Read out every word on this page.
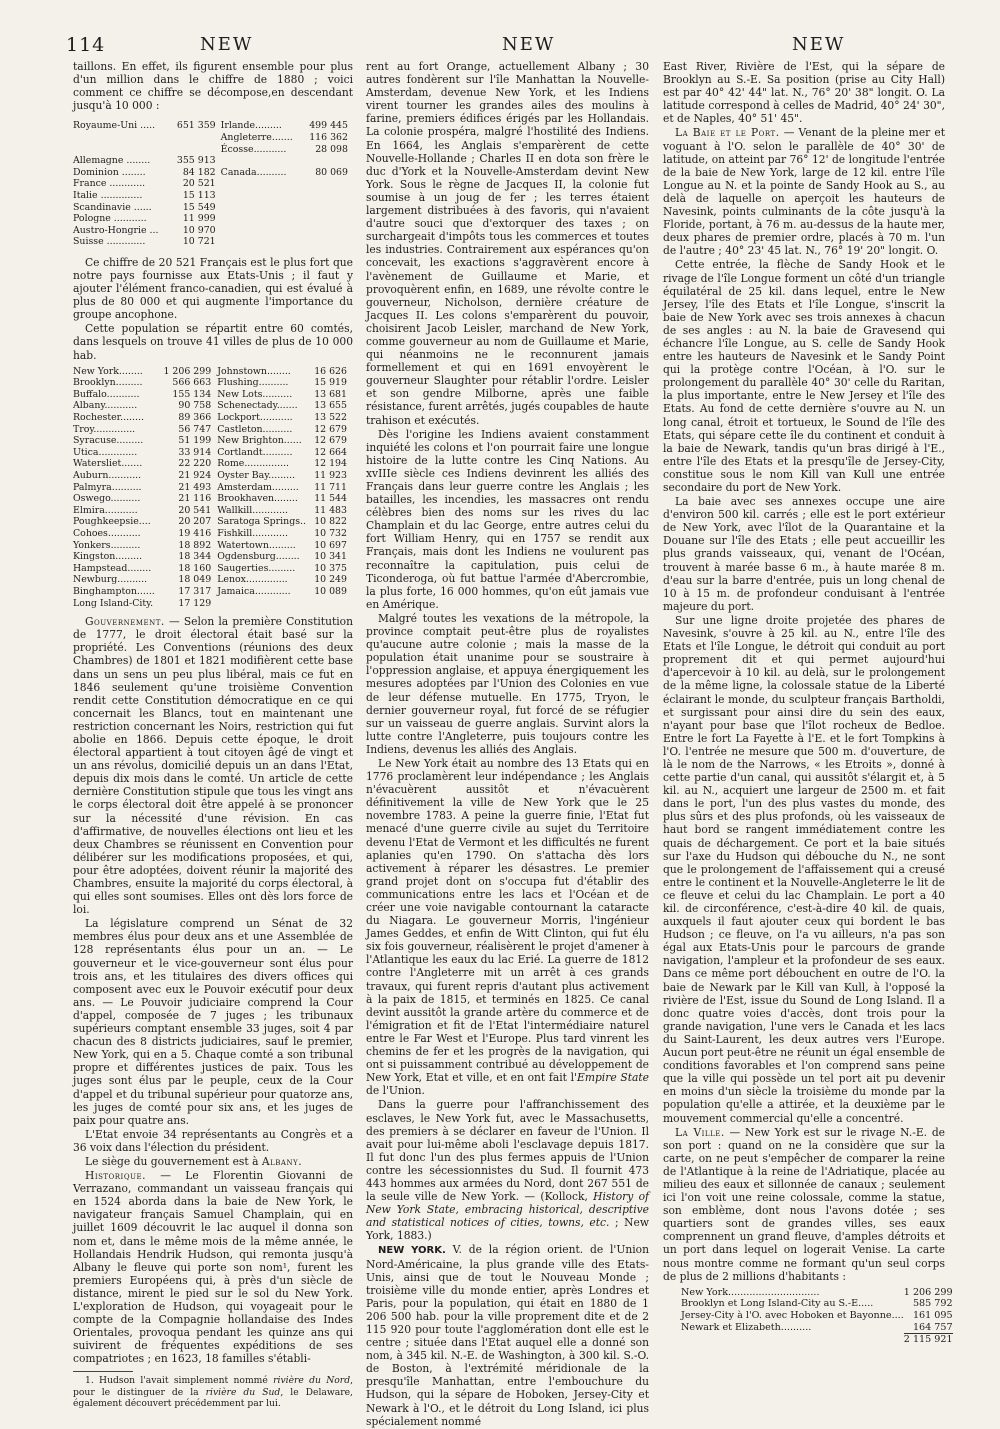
114	NEW	NEW	NEW

taillons. En effet, ils figurent ensemble pour plus d'un million dans le chiffre de 1880 ; voici comment ce chiffre se décompose,en descendant jusqu'à 10 000 :

Royaume-Uni .....	651 359	Irlande.........	499 445
		Angleterre.......	116 362
		Écosse...........	28 098
Allemagne ........	355 913		
Dominion ........	84 182	Canada..........	80 069
France ............	20 521		
Italie ..............	15 113		
Scandinavie ......	15 549		
Pologne ...........	11 999		
Austro-Hongrie ...	10 970		
Suisse .............	10 721		

Ce chiffre de 20 521 Français est le plus fort que notre pays fournisse aux Etats-Unis ; il faut y ajouter l'élément franco-canadien, qui est évalué à plus de 80 000 et qui augmente l'importance du groupe ancophone.

Cette population se répartit entre 60 comtés, dans lesquels on trouve 41 villes de plus de 10 000 hab.

New York........	1 206 299	Johnstown........	16 626
Brooklyn.........	566 663	Flushing..........	15 919
Buffalo...........	155 134	New Lots..........	13 681
Albany...........	90 758	Schenectady.......	13 655
Rochester........	89 366	Lockport...........	13 522
Troy..............	56 747	Castleton..........	12 679
Syracuse.........	51 199	New Brighton......	12 679
Utica.............	33 914	Cortlandt..........	12 664
Watersliet.......	22 220	Rome...............	12 194
Auburn...........	21 924	Oyster Bay.........	11 923
Palmyra..........	21 493	Amsterdam.........	11 711
Oswego..........	21 116	Brookhaven........	11 544
Elmira...........	20 541	Wallkill............	11 483
Poughkeepsie....	20 207	Saratoga Springs..	10 822
Cohoes...........	19 416	Fishkill............	10 732
Yonkers..........	18 892	Watertown.........	10 697
Kingston.........	18 344	Ogdensburg........	10 341
Hampstead........	18 160	Saugerties.........	10 375
Newburg..........	18 049	Lenox..............	10 249
Binghampton......	17 317	Jamaica............	10 089
Long Island-City.	17 129		

Gouvernement. — Selon la première Constitution de 1777, le droit électoral était basé sur la propriété. Les Conventions (réunions des deux Chambres) de 1801 et 1821 modifièrent cette base dans un sens un peu plus libéral, mais ce fut en 1846 seulement qu'une troisième Convention rendit cette Constitution démocratique en ce qui concernait les Blancs, tout en maintenant une restriction concernant les Noirs, restriction qui fut abolie en 1866. Depuis cette époque, le droit électoral appartient à tout citoyen âgé de vingt et un ans révolus, domicilié depuis un an dans l'Etat, depuis dix mois dans le comté. Un article de cette dernière Constitution stipule que tous les vingt ans le corps électoral doit être appelé à se prononcer sur la nécessité d'une révision. En cas d'affirmative, de nouvelles élections ont lieu et les deux Chambres se réunissent en Convention pour délibérer sur les modifications proposées, et qui, pour être adoptées, doivent réunir la majorité des Chambres, ensuite la majorité du corps électoral, à qui elles sont soumises. Elles ont dès lors force de loi.

La législature comprend un Sénat de 32 membres élus pour deux ans et une Assemblée de 128 représentants élus pour un an. — Le gouverneur et le vice-gouverneur sont élus pour trois ans, et les titulaires des divers offices qui composent avec eux le Pouvoir exécutif pour deux ans. — Le Pouvoir judiciaire comprend la Cour d'appel, composée de 7 juges ; les tribunaux supérieurs comptant ensemble 33 juges, soit 4 par chacun des 8 districts judiciaires, sauf le premier, New York, qui en a 5. Chaque comté a son tribunal propre et différentes justices de paix. Tous les juges sont élus par le peuple, ceux de la Cour d'appel et du tribunal supérieur pour quatorze ans, les juges de comté pour six ans, et les juges de paix pour quatre ans.

L'Etat envoie 34 représentants au Congrès et a 36 voix dans l'élection du président.

Le siège du gouvernement est à Albany.

Historique. — Le Florentin Giovanni de Verrazano, commandant un vaisseau français qui en 1524 aborda dans la baie de New York, le navigateur français Samuel Champlain, qui en juillet 1609 découvrit le lac auquel il donna son nom et, dans le même mois de la même année, le Hollandais Hendrik Hudson, qui remonta jusqu'à Albany le fleuve qui porte son nom¹, furent les premiers Européens qui, à près d'un siècle de distance, mirent le pied sur le sol du New York. L'exploration de Hudson, qui voyageait pour le compte de la Compagnie hollandaise des Indes Orientales, provoqua pendant les quinze ans qui suivirent de fréquentes expéditions de ses compatriotes ; en 1623, 18 familles s'établi-

1. Hudson l'avait simplement nommé rivière du Nord, pour le distinguer de la rivière du Sud, le Delaware, également découvert précédemment par lui.

rent au fort Orange, actuellement Albany ; 30 autres fondèrent sur l'île Manhattan la Nouvelle-Amsterdam, devenue New York, et les Indiens virent tourner les grandes ailes des moulins à farine, premiers édifices érigés par les Hollandais. La colonie prospéra, malgré l'hostilité des Indiens. En 1664, les Anglais s'emparèrent de cette Nouvelle-Hollande ; Charles II en dota son frère le duc d'York et la Nouvelle-Amsterdam devint New York. Sous le règne de Jacques II, la colonie fut soumise à un joug de fer ; les terres étaient largement distribuées à des favoris, qui n'avaient d'autre souci que d'extorquer des taxes ; on surchargeait d'impôts tous les commerces et toutes les industries. Contrairement aux espérances qu'on concevait, les exactions s'aggravèrent encore à l'avènement de Guillaume et Marie, et provoquèrent enfin, en 1689, une révolte contre le gouverneur, Nicholson, dernière créature de Jacques II. Les colons s'emparèrent du pouvoir, choisirent Jacob Leisler, marchand de New York, comme gouverneur au nom de Guillaume et Marie, qui néanmoins ne le reconnurent jamais formellement et qui en 1691 envoyèrent le gouverneur Slaughter pour rétablir l'ordre. Leisler et son gendre Milborne, après une faible résistance, furent arrêtés, jugés coupables de haute trahison et exécutés.

Dès l'origine les Indiens avaient constamment inquiété les colons et l'on pourrait faire une longue histoire de la lutte contre les Cinq Nations. Au xvIIIe siècle ces Indiens devinrent les alliés des Français dans leur guerre contre les Anglais ; les batailles, les incendies, les massacres ont rendu célèbres bien des noms sur les rives du lac Champlain et du lac George, entre autres celui du fort William Henry, qui en 1757 se rendit aux Français, mais dont les Indiens ne voulurent pas reconnaître la capitulation, puis celui de Ticonderoga, où fut battue l'armée d'Abercrombie, la plus forte, 16 000 hommes, qu'on eût jamais vue en Amérique.

Malgré toutes les vexations de la métropole, la province comptait peut-être plus de royalistes qu'aucune autre colonie ; mais la masse de la population était unanime pour se soustraire à l'oppression anglaise, et appuya énergiquement les mesures adoptées par l'Union des Colonies en vue de leur défense mutuelle. En 1775, Tryon, le dernier gouverneur royal, fut forcé de se réfugier sur un vaisseau de guerre anglais. Survint alors la lutte contre l'Angleterre, puis toujours contre les Indiens, devenus les alliés des Anglais.

Le New York était au nombre des 13 Etats qui en 1776 proclamèrent leur indépendance ; les Anglais n'évacuèrent aussitôt et n'évacuèrent définitivement la ville de New York que le 25 novembre 1783. A peine la guerre finie, l'Etat fut menacé d'une guerre civile au sujet du Territoire devenu l'Etat de Vermont et les difficultés ne furent aplanies qu'en 1790. On s'attacha dès lors activement à réparer les désastres. Le premier grand projet dont on s'occupa fut d'établir des communications entre les lacs et l'Océan et de créer une voie navigable contournant la cataracte du Niagara. Le gouverneur Morris, l'ingénieur James Geddes, et enfin de Witt Clinton, qui fut élu six fois gouverneur, réalisèrent le projet d'amener à l'Atlantique les eaux du lac Erié. La guerre de 1812 contre l'Angleterre mit un arrêt à ces grands travaux, qui furent repris d'autant plus activement à la paix de 1815, et terminés en 1825. Ce canal devint aussitôt la grande artère du commerce et de l'émigration et fit de l'Etat l'intermédiaire naturel entre le Far West et l'Europe. Plus tard vinrent les chemins de fer et les progrès de la navigation, qui ont si puissamment contribué au développement de New York, Etat et ville, et en ont fait l'Empire State de l'Union.

Dans la guerre pour l'affranchissement des esclaves, le New York fut, avec le Massachusetts, des premiers à se déclarer en faveur de l'Union. Il avait pour lui-même aboli l'esclavage depuis 1817. Il fut donc l'un des plus fermes appuis de l'Union contre les sécessionnistes du Sud. Il fournit 473 443 hommes aux armées du Nord, dont 267 551 de la seule ville de New York. — (Kollock, History of New York State, embracing historical, descriptive and statistical notices of cities, towns, etc. ; New York, 1883.)

NEW YORK. V. de la région orient. de l'Union Nord-Américaine, la plus grande ville des Etats-Unis, ainsi que de tout le Nouveau Monde ; troisième ville du monde entier, après Londres et Paris, pour la population, qui était en 1880 de 1 206 500 hab. pour la ville proprement dite et de 2 115 920 pour toute l'agglomération dont elle est le centre ; située dans l'Etat auquel elle a donné son nom, à 345 kil. N.-E. de Washington, à 300 kil. S.-O. de Boston, à l'extrémité méridionale de la presqu'île Manhattan, entre l'embouchure du Hudson, qui la sépare de Hoboken, Jersey-City et Newark à l'O., et le détroit du Long Island, ici plus spécialement nommé

East River, Rivière de l'Est, qui la sépare de Brooklyn au S.-E. Sa position (prise au City Hall) est par 40° 42' 44" lat. N., 76° 20' 38" longit. O. La latitude correspond à celles de Madrid, 40° 24' 30", et de Naples, 40° 51' 45".

La Baie et le Port. — Venant de la pleine mer et voguant à l'O. selon le parallèle de 40° 30' de latitude, on atteint par 76° 12' de longitude l'entrée de la baie de New York, large de 12 kil. entre l'île Longue au N. et la pointe de Sandy Hook au S., au delà de laquelle on aperçoit les hauteurs de Navesink, points culminants de la côte jusqu'à la Floride, portant, à 76 m. au-dessus de la haute mer, deux phares de premier ordre, placés à 70 m. l'un de l'autre ; 40° 23' 45 lat. N., 76° 19' 20" longit. O.

Cette entrée, la flèche de Sandy Hook et le rivage de l'île Longue forment un côté d'un triangle équilatéral de 25 kil. dans lequel, entre le New Jersey, l'île des Etats et l'île Longue, s'inscrit la baie de New York avec ses trois annexes à chacun de ses angles : au N. la baie de Gravesend qui échancre l'île Longue, au S. celle de Sandy Hook entre les hauteurs de Navesink et le Sandy Point qui la protège contre l'Océan, à l'O. sur le prolongement du parallèle 40° 30' celle du Raritan, la plus importante, entre le New Jersey et l'île des Etats. Au fond de cette dernière s'ouvre au N. un long canal, étroit et tortueux, le Sound de l'île des Etats, qui sépare cette île du continent et conduit à la baie de Newark, tandis qu'un bras dirigé à l'E., entre l'île des Etats et la presqu'île de Jersey-City, constitue sous le nom Kill van Kull une entrée secondaire du port de New York.

La baie avec ses annexes occupe une aire d'environ 500 kil. carrés ; elle est le port extérieur de New York, avec l'îlot de la Quarantaine et la Douane sur l'île des Etats ; elle peut accueillir les plus grands vaisseaux, qui, venant de l'Océan, trouvent à marée basse 6 m., à haute marée 8 m. d'eau sur la barre d'entrée, puis un long chenal de 10 à 15 m. de profondeur conduisant à l'entrée majeure du port.

Sur une ligne droite projetée des phares de Navesink, s'ouvre à 25 kil. au N., entre l'île des Etats et l'île Longue, le détroit qui conduit au port proprement dit et qui permet aujourd'hui d'apercevoir à 10 kil. au delà, sur le prolongement de la même ligne, la colossale statue de la Liberté éclairant le monde, du sculpteur français Bartholdi, et surgissant pour ainsi dire du sein des eaux, n'ayant pour base que l'îlot rocheux de Bedloe. Entre le fort La Fayette à l'E. et le fort Tompkins à l'O. l'entrée ne mesure que 500 m. d'ouverture, de là le nom de the Narrows, « les Etroits », donné à cette partie d'un canal, qui aussitôt s'élargit et, à 5 kil. au N., acquiert une largeur de 2500 m. et fait dans le port, l'un des plus vastes du monde, des plus sûrs et des plus profonds, où les vaisseaux de haut bord se rangent immédiatement contre les quais de déchargement. Ce port et la baie situés sur l'axe du Hudson qui débouche du N., ne sont que le prolongement de l'affaissement qui a creusé entre le continent et la Nouvelle-Angleterre le lit de ce fleuve et celui du lac Champlain. Le port a 40 kil. de circonférence, c'est-à-dire 40 kil. de quais, auxquels il faut ajouter ceux qui bordent le bas Hudson ; ce fleuve, on l'a vu ailleurs, n'a pas son égal aux Etats-Unis pour le parcours de grande navigation, l'ampleur et la profondeur de ses eaux. Dans ce même port débouchent en outre de l'O. la baie de Newark par le Kill van Kull, à l'opposé la rivière de l'Est, issue du Sound de Long Island. Il a donc quatre voies d'accès, dont trois pour la grande navigation, l'une vers le Canada et les lacs du Saint-Laurent, les deux autres vers l'Europe. Aucun port peut-être ne réunit un égal ensemble de conditions favorables et l'on comprend sans peine que la ville qui possède un tel port ait pu devenir en moins d'un siècle la troisième du monde par la population qu'elle a attirée, et la deuxième par le mouvement commercial qu'elle a concentré.

La Ville. — New York est sur le rivage N.-E. de son port : quand on ne la considère que sur la carte, on ne peut s'empêcher de comparer la reine de l'Atlantique à la reine de l'Adriatique, placée au milieu des eaux et sillonnée de canaux ; seulement ici l'on voit une reine colossale, comme la statue, son emblème, dont nous l'avons dotée ; ses quartiers sont de grandes villes, ses eaux comprennent un grand fleuve, d'amples détroits et un port dans lequel on logerait Venise. La carte nous montre comme ne formant qu'un seul corps de plus de 2 millions d'habitants :

New York..............................	1 206 299
Brooklyn et Long Island-City au S.-E.....	585 792
Jersey-City à l'O. avec Hoboken et Bayonne....	161 095
Newark et Elizabeth..........	164 757
	2 115 921
